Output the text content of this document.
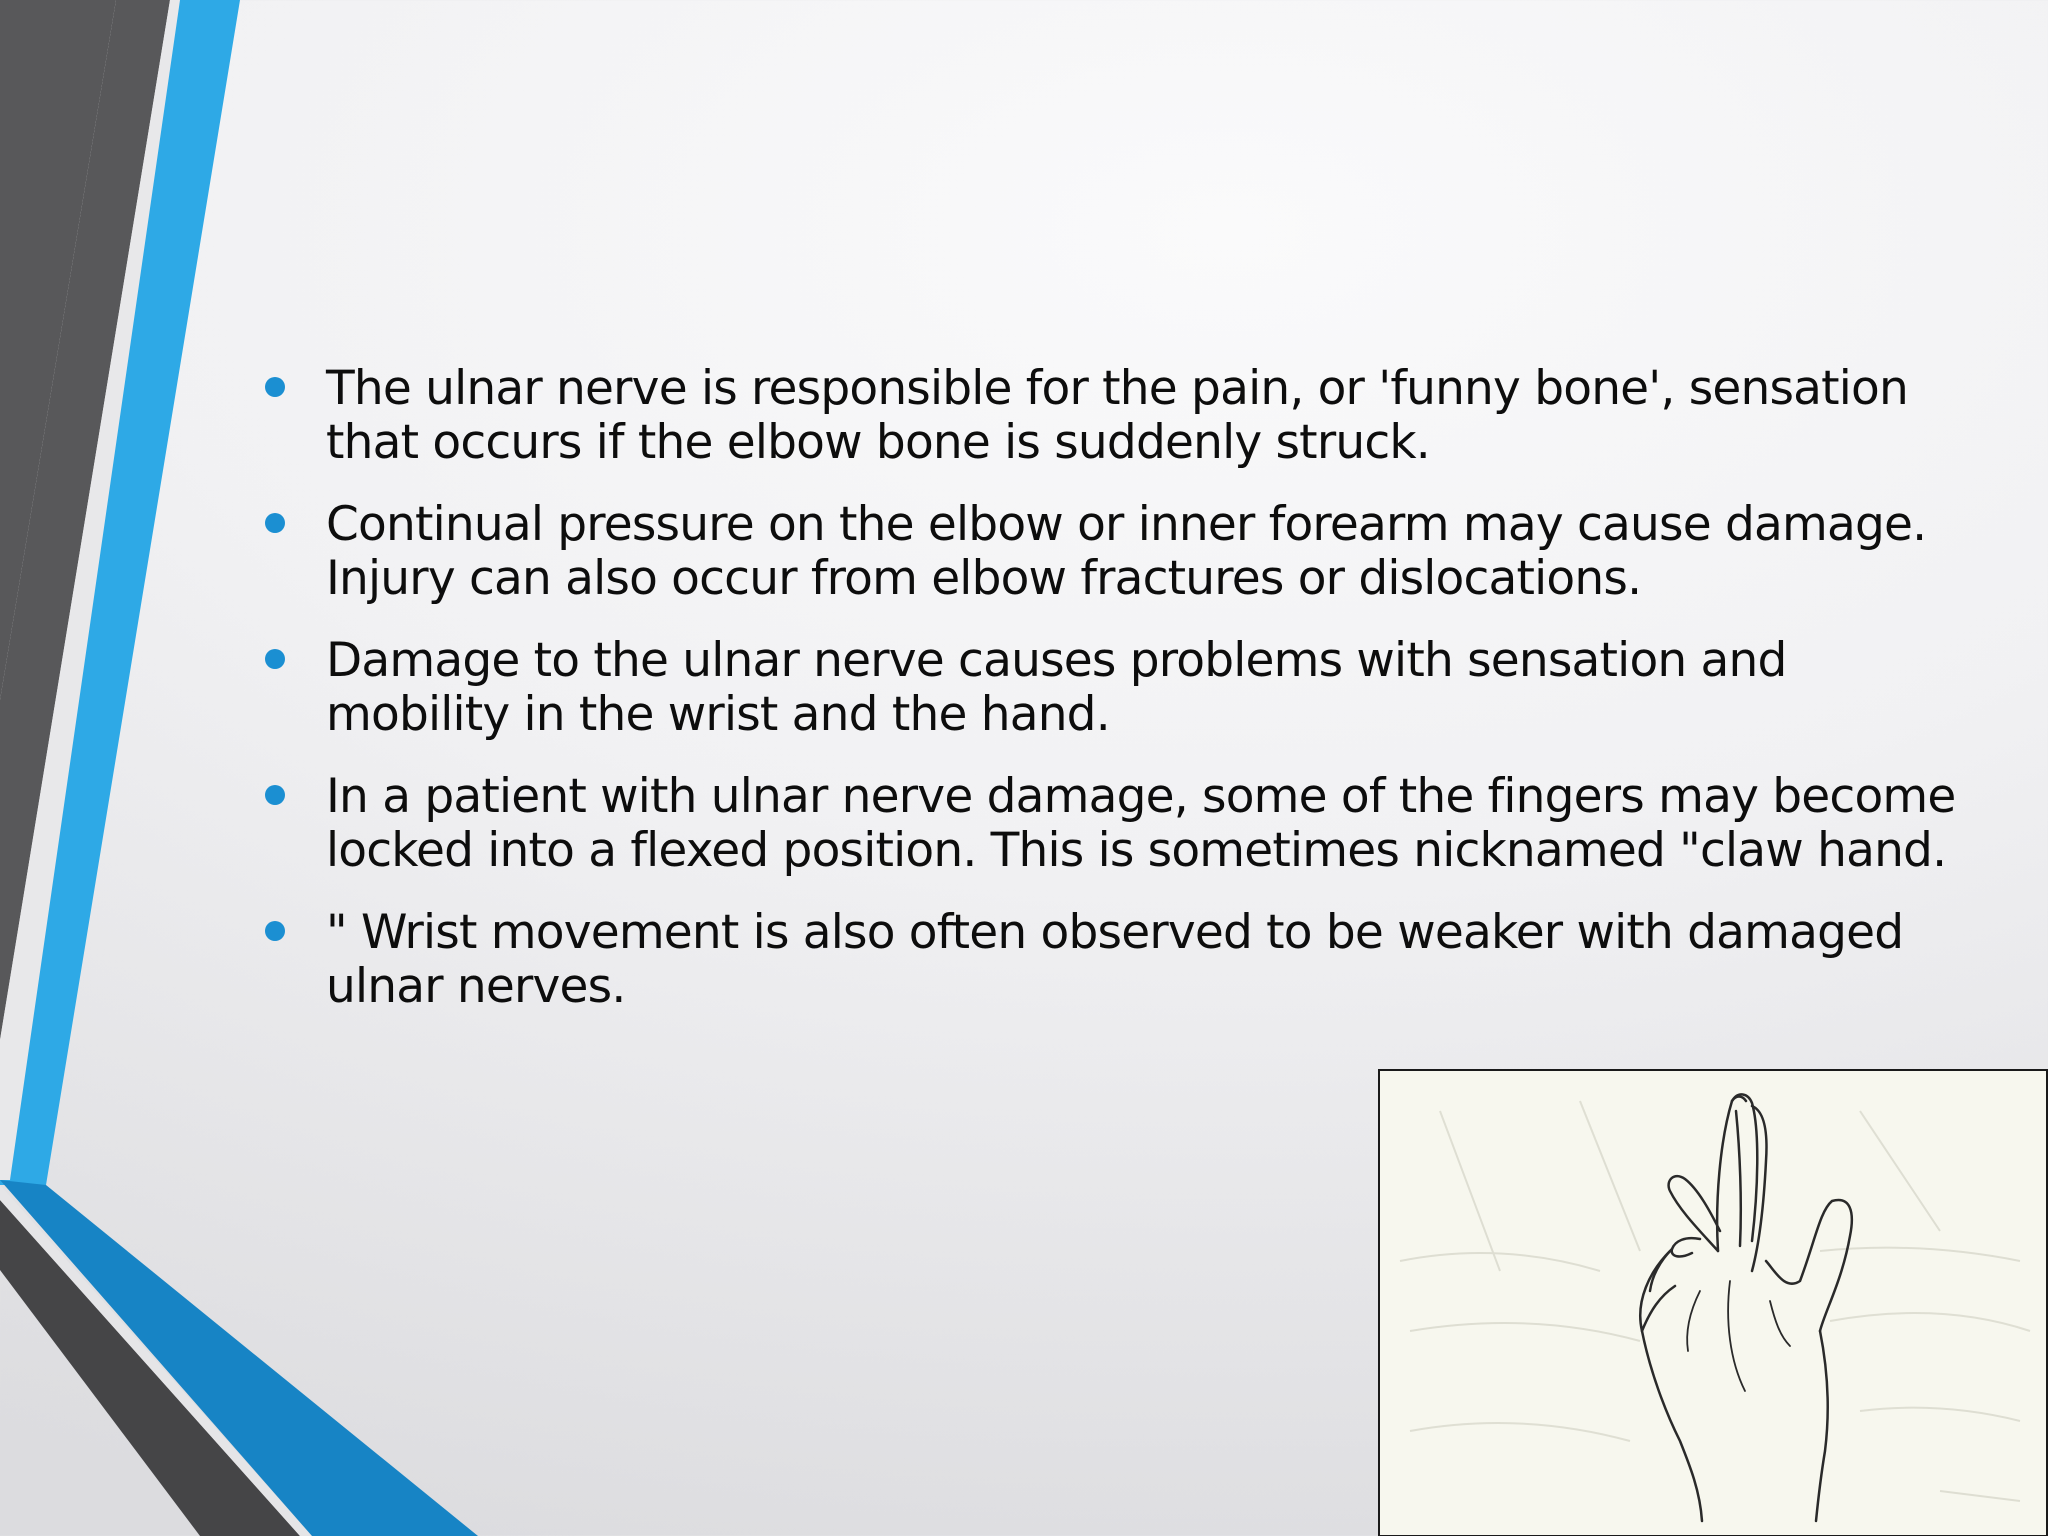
The ulnar nerve is responsible for the pain, or 'funny bone', sensation that occurs if the elbow bone is suddenly struck.
Continual pressure on the elbow or inner forearm may cause damage. Injury can also occur from elbow fractures or dislocations.
Damage to the ulnar nerve causes problems with sensation and mobility in the wrist and the hand.
In a patient with ulnar nerve damage, some of the fingers may become locked into a flexed position. This is sometimes nicknamed "claw hand.
" Wrist movement is also often observed to be weaker with damaged ulnar nerves.
